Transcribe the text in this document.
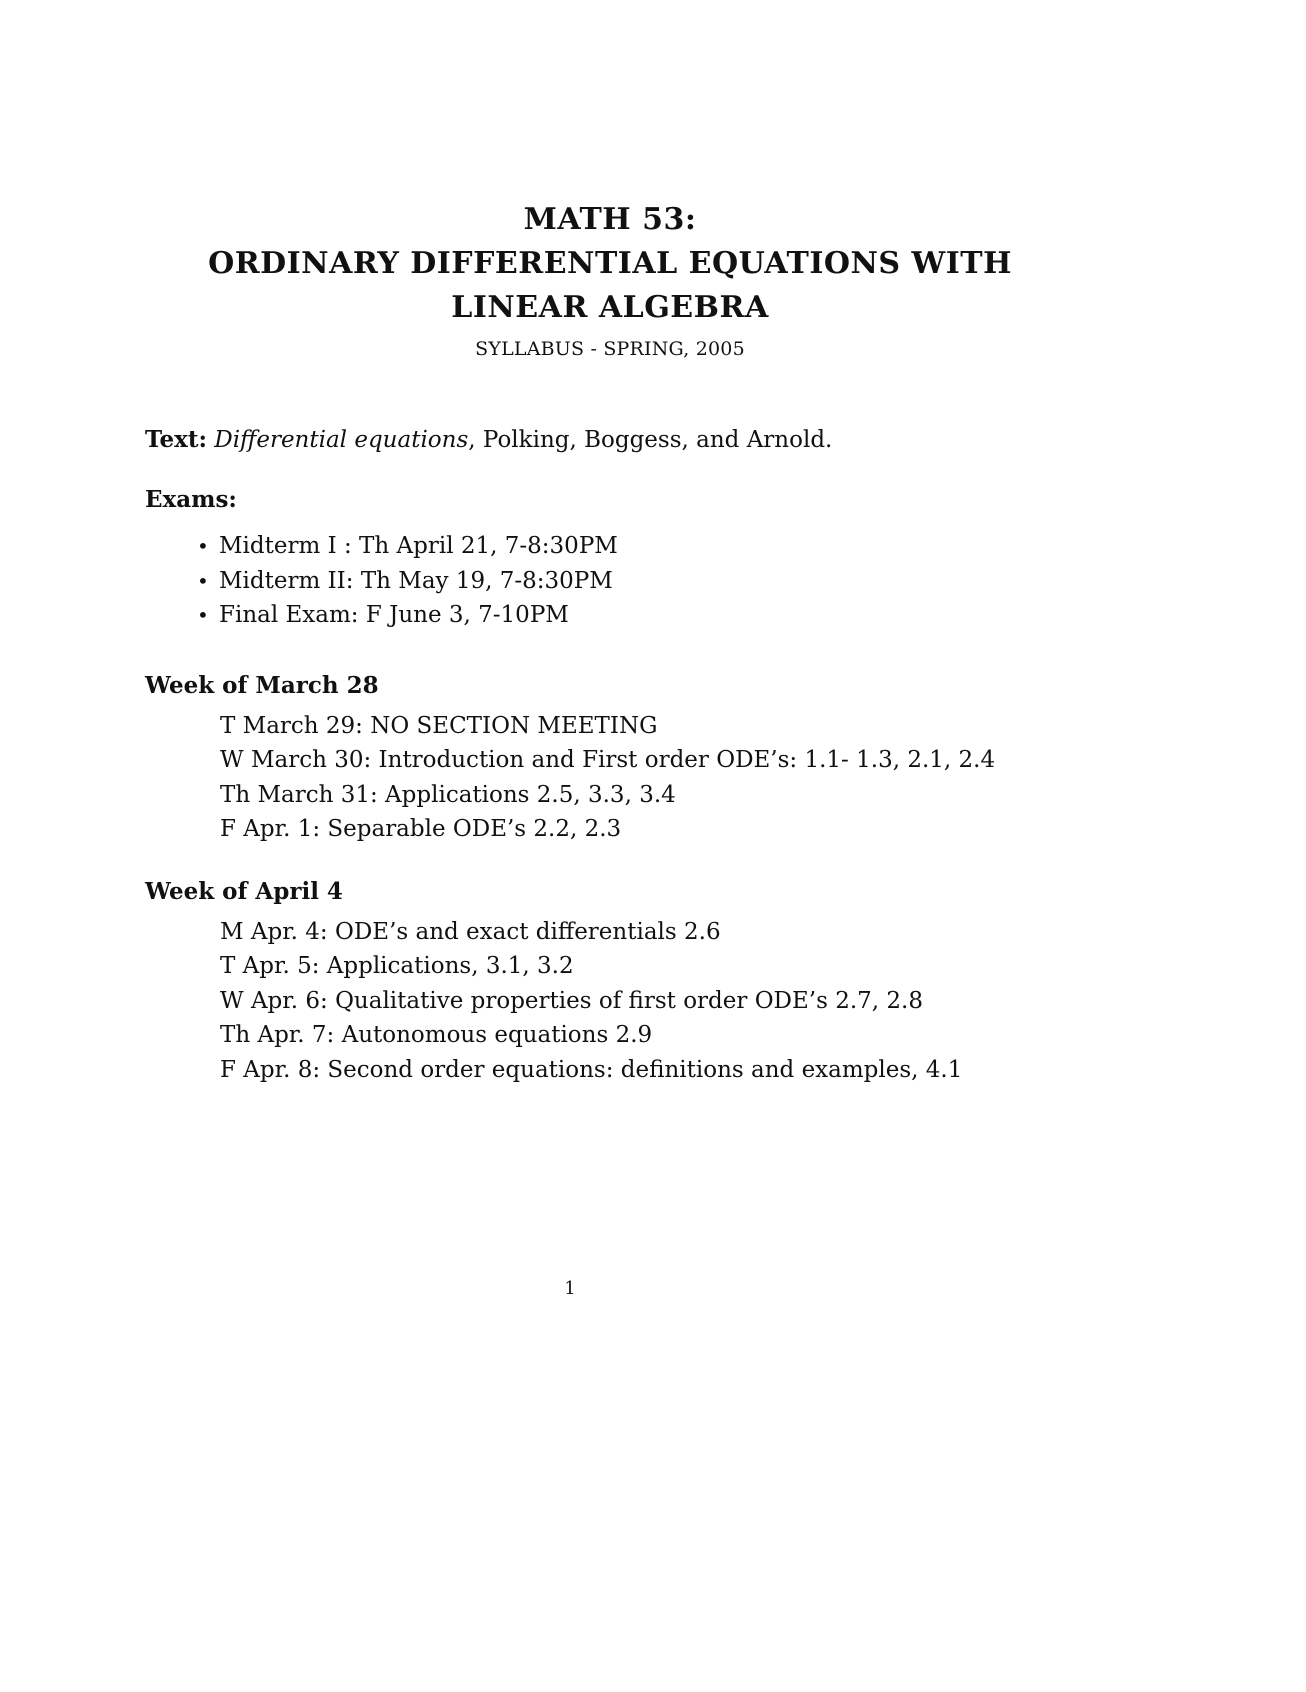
MATH 53:
ORDINARY DIFFERENTIAL EQUATIONS WITH
LINEAR ALGEBRA
SYLLABUS - SPRING, 2005

Text: Differential equations, Polking, Boggess, and Arnold.

Exams:

• Midterm I : Th April 21, 7-8:30PM
• Midterm II: Th May 19, 7-8:30PM
• Final Exam: F June 3, 7-10PM

Week of March 28

T March 29: NO SECTION MEETING
W March 30: Introduction and First order ODE’s: 1.1- 1.3, 2.1, 2.4
Th March 31: Applications 2.5, 3.3, 3.4
F Apr. 1: Separable ODE’s 2.2, 2.3

Week of April 4

M Apr. 4: ODE’s and exact differentials 2.6
T Apr. 5: Applications, 3.1, 3.2
W Apr. 6: Qualitative properties of first order ODE’s 2.7, 2.8
Th Apr. 7: Autonomous equations 2.9
F Apr. 8: Second order equations: definitions and examples, 4.1
1
